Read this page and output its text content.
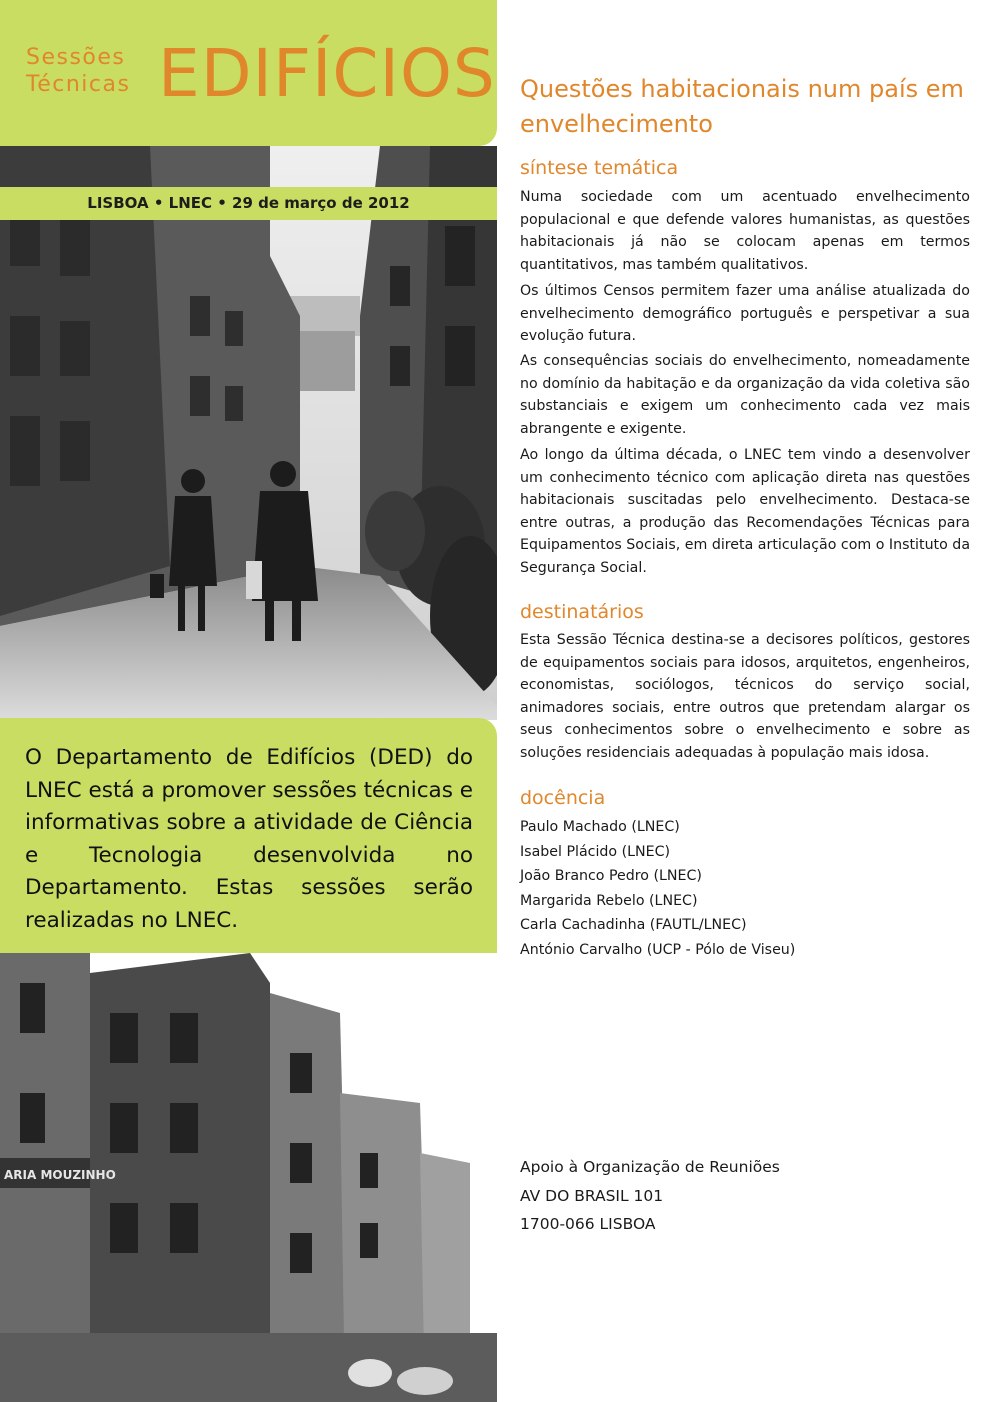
Sessões
Técnicas EDIFÍCIOS
LISBOA • LNEC • 29 de março de 2012

O Departamento de Edifícios (DED) do LNEC está a promover sessões técnicas e informativas sobre a atividade de Ciência e Tecnologia desenvolvida no Departamento. Estas sessões serão realizadas no LNEC.

ARIA MOUZINHO
Questões habitacionais num país em envelhecimento
síntese temática

Numa sociedade com um acentuado envelhecimento populacional e que defende valores humanistas, as questões habitacionais já não se colocam apenas em termos quantitativos, mas também qualitativos.

Os últimos Censos permitem fazer uma análise atualizada do envelhecimento demográfico português e perspetivar a sua evolução futura.

As consequências sociais do envelhecimento, nomeadamente no domínio da habitação e da organização da vida coletiva são substanciais e exigem um conhecimento cada vez mais abrangente e exigente.

Ao longo da última década, o LNEC tem vindo a desenvolver um conhecimento técnico com aplicação direta nas questões habitacionais suscitadas pelo envelhecimento. Destaca-se entre outras, a produção das Recomendações Técnicas para Equipamentos Sociais, em direta articulação com o Instituto da Segurança Social.

destinatários

Esta Sessão Técnica destina-se a decisores políticos, gestores de equipamentos sociais para idosos, arquitetos, engenheiros, economistas, sociólogos, técnicos do serviço social, animadores sociais, entre outros que pretendam alargar os seus conhecimentos sobre o envelhecimento e sobre as soluções residenciais adequadas à população mais idosa.

docência
Paulo Machado (LNEC)
Isabel Plácido (LNEC)
João Branco Pedro (LNEC)
Margarida Rebelo (LNEC)
Carla Cachadinha (FAUTL/LNEC)
António Carvalho (UCP - Pólo de Viseu)
Apoio à Organização de Reuniões
AV DO BRASIL 101
1700-066 LISBOA
